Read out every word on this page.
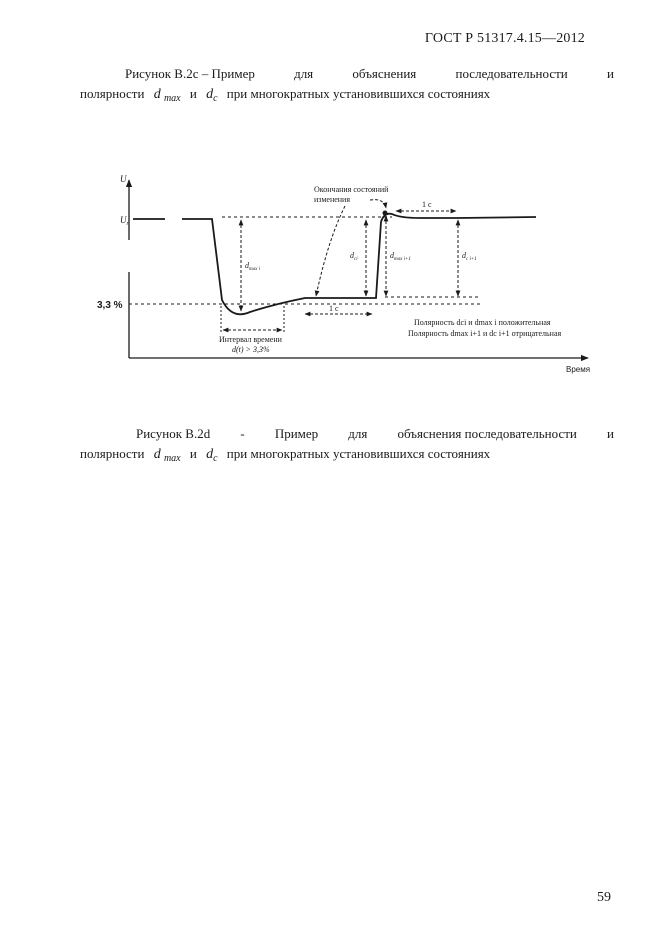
ГОСТ Р 51317.4.15—2012
Рисунок В.2с – Пример	для	объяснения	последовательности	и
полярности d $_{max}$ и $d_c$ при многократных установившихся состояниях
U
$U_n$
3,3 %
Время
$d_{max i}$
$d_{ci}$	$d_{max i+1}$	$d_{c i+1}$
Окончания состояний
изменения
1 с
1 с
Интервал времени
d(t) > 3,3%
Полярность dci и dmax i положительная
Полярность dmax i+1 и dc i+1 отрицательная
Рисунок В.2d - Пример для объяснения последовательности и
полярности d $_{max}$ и $d_c$ при многократных установившихся состояниях
59
